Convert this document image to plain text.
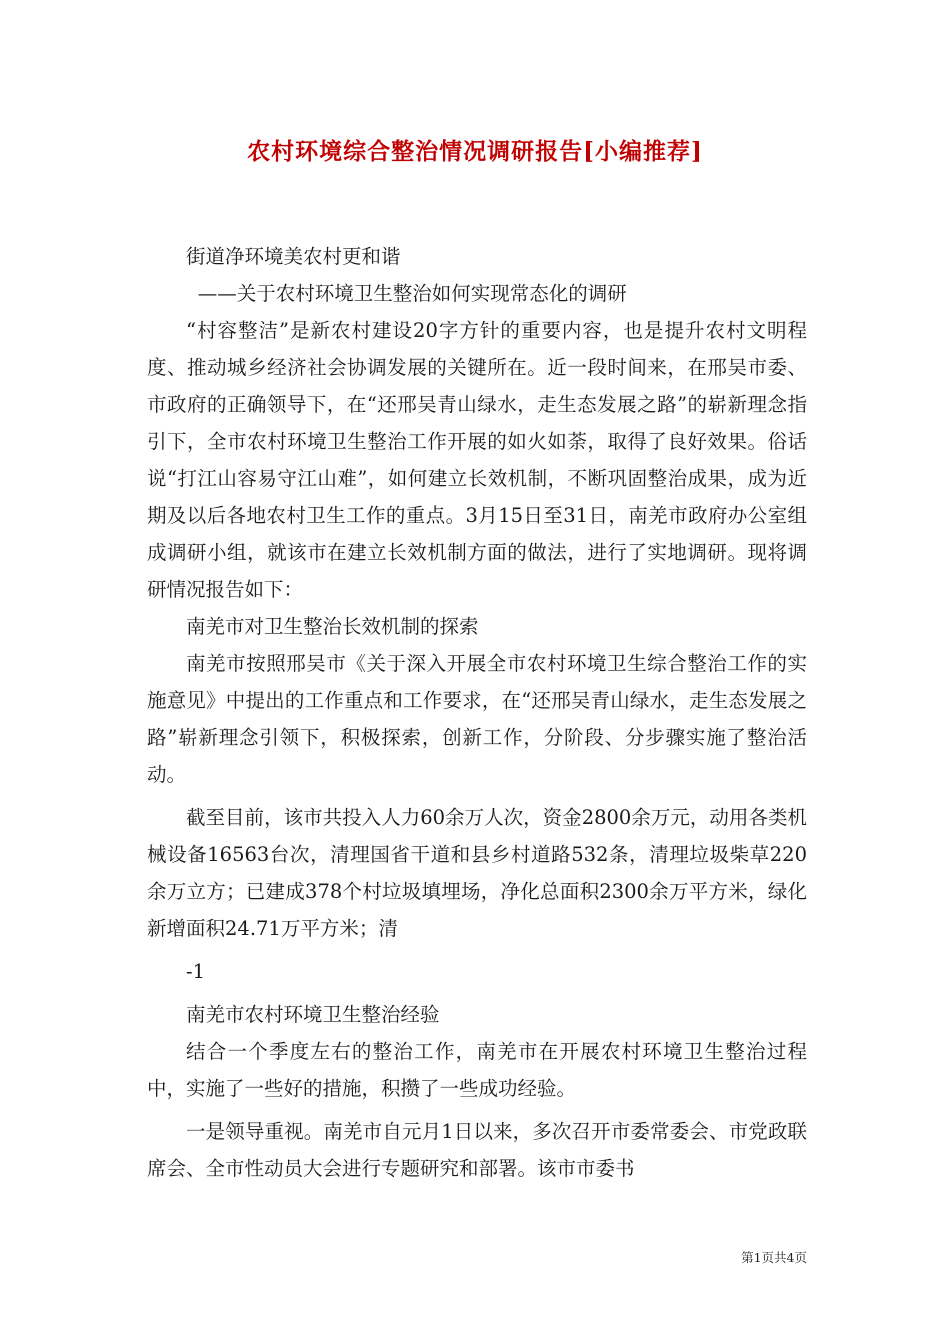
农村环境综合整治情况调研报告[小编推荐]

街道净环境美农村更和谐

——关于农村环境卫生整治如何实现常态化的调研

“村容整洁”是新农村建设20字方针的重要内容，也是提升农村文明程度、推动城乡经济社会协调发展的关键所在。近一段时间来，在邢吴市委、市政府的正确领导下，在“还邢吴青山绿水，走生态发展之路”的崭新理念指引下，全市农村环境卫生整治工作开展的如火如荼，取得了良好效果。俗话说“打江山容易守江山难”，如何建立长效机制，不断巩固整治成果，成为近期及以后各地农村卫生工作的重点。3月15日至31日，南羌市政府办公室组成调研小组，就该市在建立长效机制方面的做法，进行了实地调研。现将调研情况报告如下：

南羌市对卫生整治长效机制的探索

南羌市按照邢吴市《关于深入开展全市农村环境卫生综合整治工作的实施意见》中提出的工作重点和工作要求，在“还邢吴青山绿水，走生态发展之路”崭新理念引领下，积极探索，创新工作，分阶段、分步骤实施了整治活动。

截至目前，该市共投入人力60余万人次，资金2800余万元，动用各类机械设备16563台次，清理国省干道和县乡村道路532条，清理垃圾柴草220余万立方；已建成378个村垃圾填埋场，净化总面积2300余万平方米，绿化新增面积24.71万平方米；清

-1

南羌市农村环境卫生整治经验

结合一个季度左右的整治工作，南羌市在开展农村环境卫生整治过程中，实施了一些好的措施，积攒了一些成功经验。

一是领导重视。南羌市自元月1日以来，多次召开市委常委会、市党政联席会、全市性动员大会进行专题研究和部署。该市市委书

第1页共4页
